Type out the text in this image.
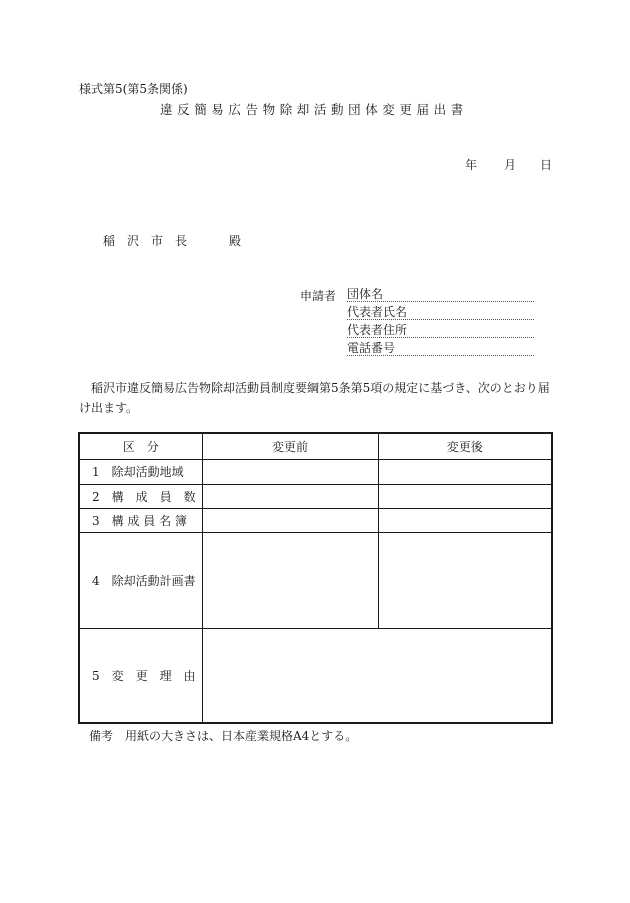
様式第5(第5条関係)
違反簡易広告物除却活動団体変更届出書
年 月 日
稲　沢　市　長	殿
申請者 団体名
代表者氏名
代表者住所
電話番号
稲沢市違反簡易広告物除却活動員制度要綱第5条第5項の規定に基づき、次のとおり届け出ます。
区　分	変更前	変更後
1　除却活動地域		
2　構　成　員　数		
3　構 成 員 名 簿		
4　除却活動計画書		
5　変　更　理　由		
備考　用紙の大きさは、日本産業規格A4とする。
